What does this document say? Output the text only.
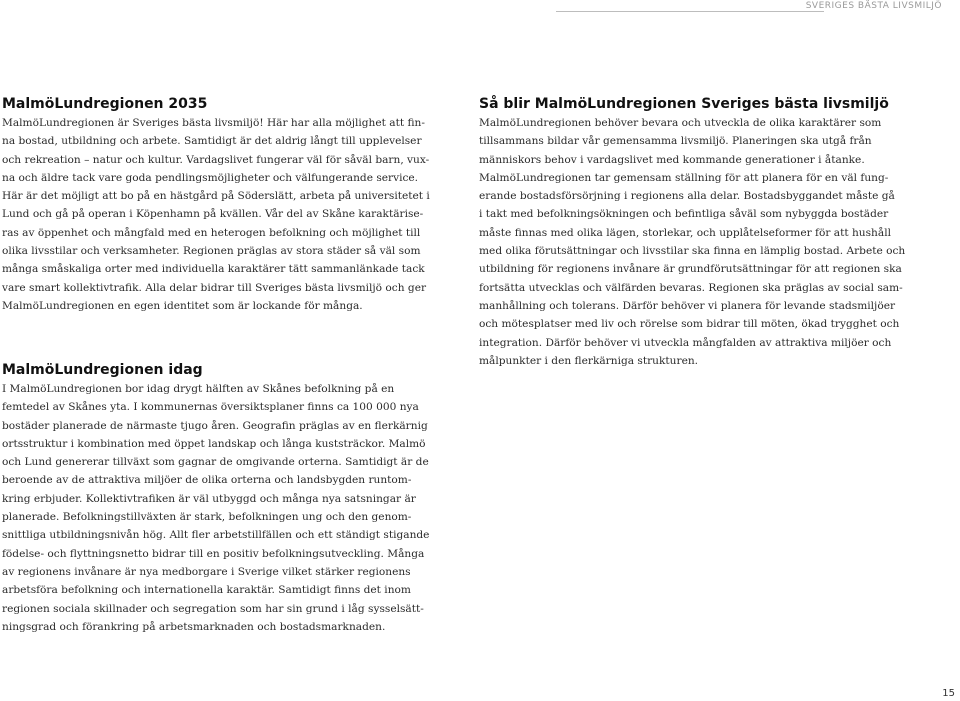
SVERIGES BÄSTA LIVSMILJÖ
MalmöLundregionen 2035

MalmöLundregionen är Sveriges bästa livsmiljö! Här har alla möjlighet att fin-
na bostad, utbildning och arbete. Samtidigt är det aldrig långt till upplevelser
och rekreation – natur och kultur. Vardagslivet fungerar väl för såväl barn, vux-
na och äldre tack vare goda pendlingsmöjligheter och välfungerande service.
Här är det möjligt att bo på en hästgård på Söderslätt, arbeta på universitetet i
Lund och gå på operan i Köpenhamn på kvällen. Vår del av Skåne karaktärise-
ras av öppenhet och mångfald med en heterogen befolkning och möjlighet till
olika livsstilar och verksamheter. Regionen präglas av stora städer så väl som
många småskaliga orter med individuella karaktärer tätt sammanlänkade tack
vare smart kollektivtrafik. Alla delar bidrar till Sveriges bästa livsmiljö och ger
MalmöLundregionen en egen identitet som är lockande för många.

MalmöLundregionen idag

I MalmöLundregionen bor idag drygt hälften av Skånes befolkning på en
femtedel av Skånes yta. I kommunernas översiktsplaner finns ca 100 000 nya
bostäder planerade de närmaste tjugo åren. Geografin präglas av en flerkärnig
ortsstruktur i kombination med öppet landskap och långa kuststräckor. Malmö
och Lund genererar tillväxt som gagnar de omgivande orterna. Samtidigt är de
beroende av de attraktiva miljöer de olika orterna och landsbygden runtom-
kring erbjuder. Kollektivtrafiken är väl utbyggd och många nya satsningar är
planerade. Befolkningstillväxten är stark, befolkningen ung och den genom-
snittliga utbildningsnivån hög. Allt fler arbetstillfällen och ett ständigt stigande
födelse- och flyttningsnetto bidrar till en positiv befolkningsutveckling. Många
av regionens invånare är nya medborgare i Sverige vilket stärker regionens
arbetsföra befolkning och internationella karaktär. Samtidigt finns det inom
regionen sociala skillnader och segregation som har sin grund i låg sysselsätt-
ningsgrad och förankring på arbetsmarknaden och bostadsmarknaden.

Så blir MalmöLundregionen Sveriges bästa livsmiljö

MalmöLundregionen behöver bevara och utveckla de olika karaktärer som
tillsammans bildar vår gemensamma livsmiljö. Planeringen ska utgå från
människors behov i vardagslivet med kommande generationer i åtanke.
MalmöLundregionen tar gemensam ställning för att planera för en väl fung-
erande bostadsförsörjning i regionens alla delar. Bostadsbyggandet måste gå
i takt med befolkningsökningen och befintliga såväl som nybyggda bostäder
måste finnas med olika lägen, storlekar, och upplåtelseformer för att hushåll
med olika förutsättningar och livsstilar ska finna en lämplig bostad. Arbete och
utbildning för regionens invånare är grundförutsättningar för att regionen ska
fortsätta utvecklas och välfärden bevaras. Regionen ska präglas av social sam-
manhållning och tolerans. Därför behöver vi planera för levande stadsmiljöer
och mötesplatser med liv och rörelse som bidrar till möten, ökad trygghet och
integration. Därför behöver vi utveckla mångfalden av attraktiva miljöer och
målpunkter i den flerkärniga strukturen.

15
